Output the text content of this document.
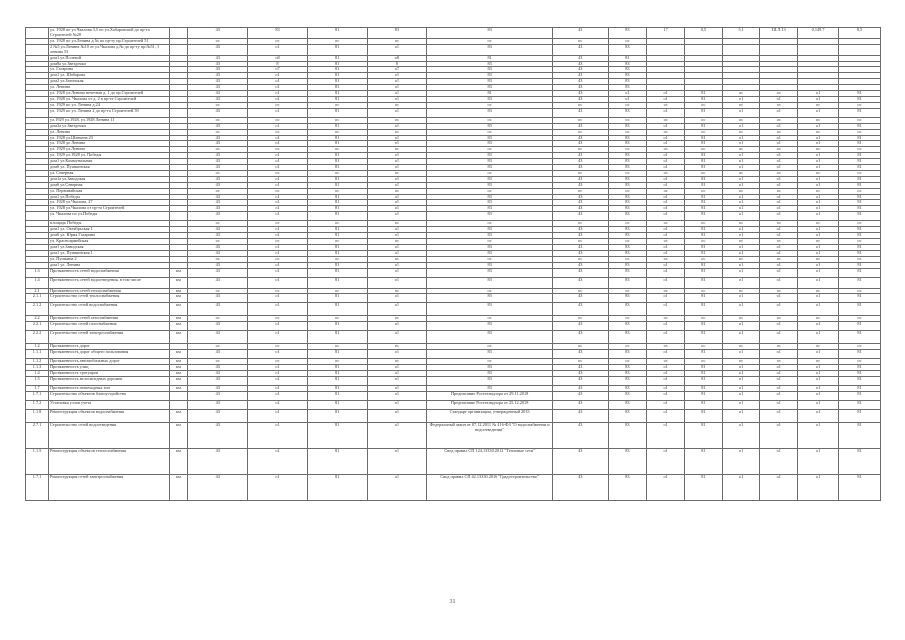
	ул. 1928 по ул.Чкалова 3,5 по ул.Хабаровской до пр-та Строителей №28		43	83	81	83		83		43	83	17	0,5	5,1	Ш.Л.13	0,149.7	8,5
	ул. 1928 по ул.Ленина д.№ по пр-ту пр.Строителей 51		ос	ос	ос	ос		ос		ос	ос						
	2 №5 ул.Ленина №10 от ул.Чкалова д.№ до пр-ту пр.№51, 1 ленина 53		43	о1	81	о1		83		43	83						
	дом1.ул.Полевой		43	о8	81	о8		81		43	81						
	дом8а ул.Звездочки		43	8	81	8		83		43	83						
	ул. Гагарина		43	о7	81	о7		83		43	83						
	дом1 ул. Шабарова		43	о1	81	о1		83		43	83						
	дом2 ул.Затонская		43	о1	81	о1		83		43	83						
	ул. Ленина		43	о1	81	о1		83		43	83						
	ул. 1928 ул.Ленина нечетная д. 1 до пр.Строителей		43	о1	81	о1		81		43	о1	о1	81	ос	ос	о1	81
	ул. 1928 ул. Чкалова от д. 2 в пр-те Строителей		43	о1	81	о1		83		43	о1	о1	81	о1	о1	о1	81
	ул. 1929 по ул. Ленина д.24		ос	ос	ос	ос		ос		ос	ос	ос	ос	ос	ос	ос	ос
	ул. 1929 по ул. Ленина 2 до пр-та Строителей 39		43	о1	81	о1		83		43	83	о1	81	о1	о1	о1	81
	ул.1929 ул.1928, ул.1928 Ленина 11		ос	ос	ос	ос		ос		ос	ос	ос	ос	ос	ос	ос	ос
	дом3а ул.Звездочки		43	о1	81	о1		83		43	83	о1	81	о1	о1	о1	81
	ул. Ленина		ос	ос	ос	ос		ос		ос	ос	ос	ос	ос	ос	ос	ос
	ул. 1928 ул.Шевчена 23		43	о1	81	о1		83		43	83	о1	81	о1	о1	о1	81
	ул. 1928 до Ленина		43	о1	81	о1		83		43	83	о1	81	о1	о1	о1	81
	ул. 1929 ул.Ленина		ос	ос	ос	ос		ос		ос	ос	ос	ос	ос	ос	ос	ос
	ул. 1929 ул.1928 ул. Победы		43	о1	81	о1		83		43	83	о1	81	о1	о1	о1	81
	дом1 ул.Коммунальная		43	о1	81	о1		83		43	83	о1	81	о1	о1	о1	81
	дом6 ул. Пушкинская		43	о1	81	о1		83		43	83	о1	81	о1	о1	о1	81
	ул. Северная		ос	ос	ос	ос		ос		ос	ос	ос	ос	ос	ос	ос	ос
	дом1а ул.Заводская		43	о1	81	о1		83		43	83	о1	81	о1	о1	о1	81
	дом6 ул.Северная		43	о1	81	о1		83		43	83	о1	81	о1	о1	о1	81
	ул. Первомайская		ос	ос	ос	ос		ос		ос	ос	ос	ос	ос	ос	ос	ос
	дом1 ул.Победы		43	о1	81	о1		83		43	83	о1	81	о1	о1	о1	81
	ул. 1928 ул.Чкалова, 27		43	о1	81	о1		83		43	83	о1	81	о1	о1	о1	81
	ул. 1928 ул.Чкалова от пр-та Строителей		43	о1	81	о1		83		43	83	о1	81	о1	о1	о1	81
	ул. Чкалова по ул.Победы		43	о1	81	о1		83		43	83	о1	81	о1	о1	о1	81
	площадь Победы		ос	ос	ос	ос		ос		ос	ос	ос	ос	ос	ос	ос	ос
	дом1 ул. Октябрьская 1		43	о1	81	о1		83		43	83	о1	81	о1	о1	о1	81
	дом6 ул. Юрия Гагарина		43	о1	81	о1		83		43	83	о1	81	о1	о1	о1	81
	ул. Красноармейская		ос	ос	ос	ос		ос		ос	ос	ос	ос	ос	ос	ос	ос
	дом1 ул.Заводская		43	о1	81	о1		83		43	83	о1	81	о1	о1	о1	81
	дом1 ул. Пушкинская 1		43	о1	81	о1		83		43	83	о1	81	о1	о1	о1	81
	ул. Пушкина 2		ос	ос	ос	ос		ос		ос	ос	ос	ос	ос	ос	ос	ос
	дом1 ул. Ленина		43	о1	81	о1		83		43	83	о1	81	о1	о1	о1	81
1.3	Протяженность сетей водоснабжения	км	43	о1	81	о1		83		43	83	о1	81	о1	о1	о1	81
1.4	Протяженность сетей водоотведения, в том числе	км	43	о1	81	о1		83		43	83	о1	81	о1	о1	о1	81
2.1	Протяженность сетей теплоснабжения	км	ос	ос	ос	ос		ос		ос	ос	ос	ос	ос	ос	ос	ос
2.1.1	Строительство сетей теплоснабжения	км	43	о1	81	о1		83		43	83	о1	81	о1	о1	о1	81
2.1.2	Строительство сетей водоснабжения	км	43	о1	81	о1		83		43	83	о1	81	о1	о1	о1	81
2.2	Протяженность сетей газоснабжения	км	ос	ос	ос	ос		ос		ос	ос	ос	ос	ос	ос	ос	ос
2.2.1	Строительство сетей газоснабжения	км	43	о1	81	о1		83		43	83	о1	81	о1	о1	о1	81
2.2.2	Строительство сетей электроснабжения	км	43	о1	81	о1		83		43	83	о1	81	о1	о1	о1	81
1.2	Протяженность дорог		ос	ос	ос	ос		ос		ос	ос	ос	ос	ос	ос	ос	ос
1.1.1	Протяженность дорог общего пользования	км	43	о1	81	о1		83		43	83	о1	81	о1	о1	о1	81
1.1.2	Протяженность автомобильных дорог	км	ос	ос	ос	ос		ос		ос	ос	ос	ос	ос	ос	ос	ос
1.1.3	Протяженность улиц	км	43	о1	81	о1		83		43	83	о1	81	о1	о1	о1	81
1.4	Протяженность тротуаров	км	43	о1	81	о1		83		43	83	о1	81	о1	о1	о1	81
1.5	Протяженность велосипедных дорожек	км	43	о1	81	о1		83		43	83	о1	81	о1	о1	о1	81
1.7	Протяженность пешеходных зон	км	43	о1	81	о1		83		43	83	о1	81	о1	о1	о1	81
1.7.1	Строительство объектов благоустройства		43	о1	81	о1		Предписание Ростехнадзора от 29.11.2018		43	83	о1	81	о1	о1	о1	81
1.7.2	Установка узлов учета		43	о1	81	о1		Предписание Ростехнадзора от 25.12.2018		43	83	о1	81	о1	о1	о1	81
1.1.8	Реконструкция объектов водоснабжения	км	43	о1	81	о1		Стандарт организации, утвержденный 2015		43	83	о1	81	о1	о1	о1	81
2.7.1	Строительство сетей водоотведения	км	43	о1	81	о1		Федеральный закон от 07.12.2011 № 416-ФЗ "О водоснабжении и водоотведении"		43	83	о1	81	о1	о1	о1	81
1.1.5	Реконструкция объектов теплоснабжения	км	43	о1	81	о1		Свод правил СП 124.13330.2012 "Тепловые сети"		43	83	о1	81	о1	о1	о1	81
1.7.1	Реконструкция сетей электроснабжения	км	43	о1	81	о1		Свод правил СП 42.13330.2016 "Градостроительство"		43	83	о1	81	о1	о1	о1	81
31
